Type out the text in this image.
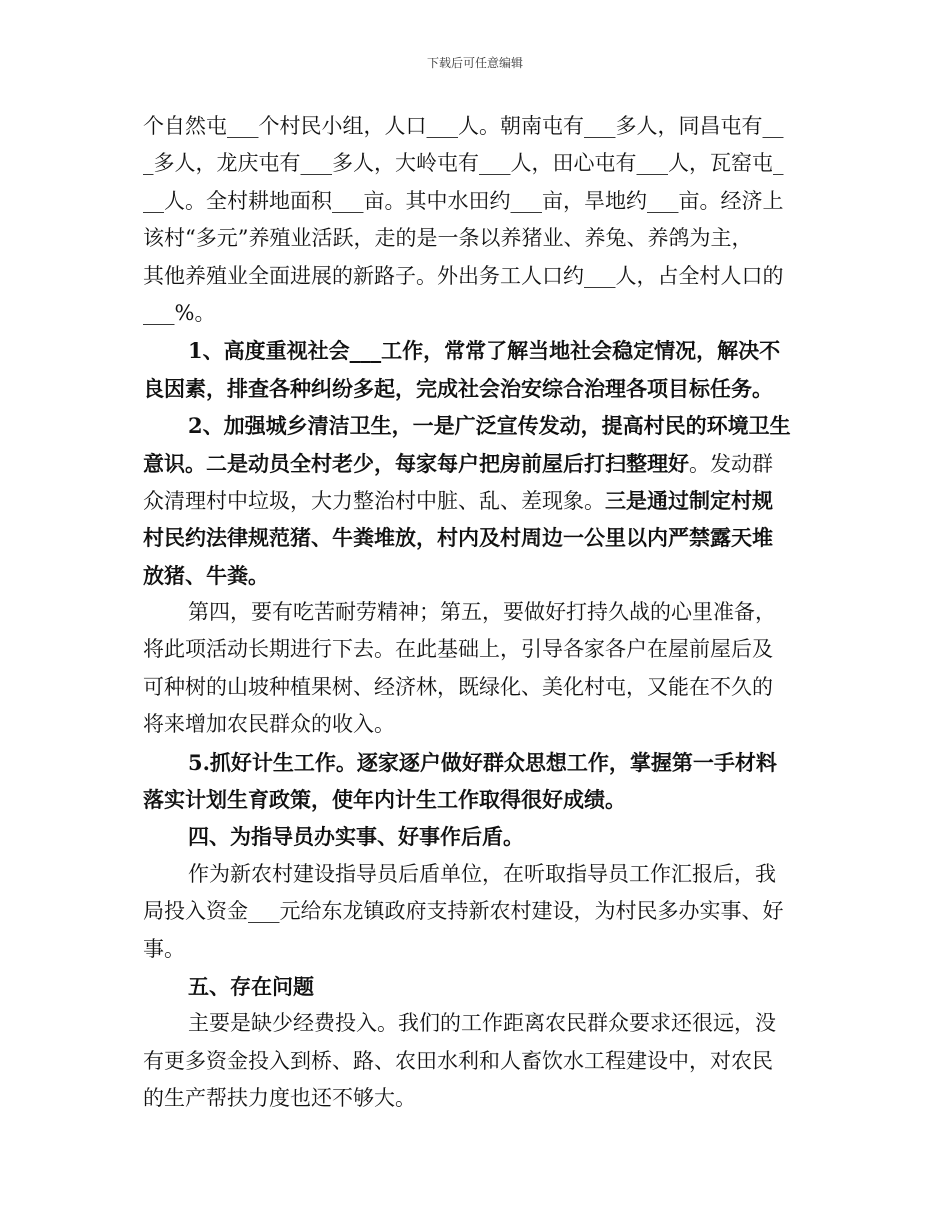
下载后可任意编辑
个自然屯___个村民小组，人口___人。朝南屯有___多人，同昌屯有__
_多人，龙庆屯有___多人，大岭屯有___人，田心屯有___人，瓦窑屯_
__人。全村耕地面积___亩。其中水田约___亩，旱地约___亩。经济上
该村“多元”养殖业活跃，走的是一条以养猪业、养兔、养鸽为主，
其他养殖业全面进展的新路子。外出务工人口约___人，占全村人口的
___%。
1、高度重视社会___工作，常常了解当地社会稳定情况，解决不
良因素，排查各种纠纷多起，完成社会治安综合治理各项目标任务。
2、加强城乡清洁卫生，一是广泛宣传发动，提高村民的环境卫生
意识。二是动员全村老少，每家每户把房前屋后打扫整理好。发动群
众清理村中垃圾，大力整治村中脏、乱、差现象。三是通过制定村规
村民约法律规范猪、牛粪堆放，村内及村周边一公里以内严禁露天堆
放猪、牛粪。
第四，要有吃苦耐劳精神；第五，要做好打持久战的心里准备，
将此项活动长期进行下去。在此基础上，引导各家各户在屋前屋后及
可种树的山坡种植果树、经济林，既绿化、美化村屯，又能在不久的
将来增加农民群众的收入。
5.抓好计生工作。逐家逐户做好群众思想工作，掌握第一手材料
落实计划生育政策，使年内计生工作取得很好成绩。
四、为指导员办实事、好事作后盾。
作为新农村建设指导员后盾单位，在听取指导员工作汇报后，我
局投入资金___元给东龙镇政府支持新农村建设，为村民多办实事、好
事。
五、存在问题
主要是缺少经费投入。我们的工作距离农民群众要求还很远，没
有更多资金投入到桥、路、农田水利和人畜饮水工程建设中，对农民
的生产帮扶力度也还不够大。
